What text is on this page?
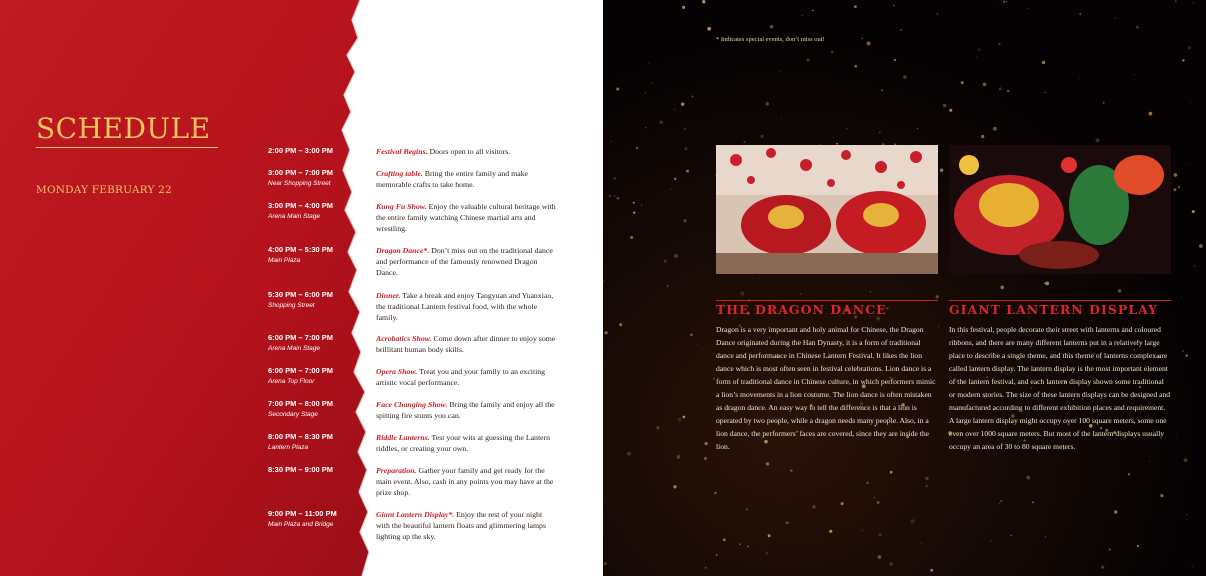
SCHEDULE
MONDAY FEBRUARY 22
2:00 PM – 3:00 PM
3:00 PM – 7:00 PM
Near Shopping Street
3:00 PM – 4:00 PM
Arena Main Stage
4:00 PM – 5:30 PM
Main Plaza
5:30 PM – 6:00 PM
Shopping Street
6:00 PM – 7:00 PM
Arena Main Stage
6:00 PM – 7:00 PM
Arena Top Floor
7:00 PM – 8:00 PM
Secondary Stage
8:00 PM – 8:30 PM
Lantern Plaza
8:30 PM – 9:00 PM
9:00 PM – 11:00 PM
Main Plaza and Bridge
Festival Begins. Doors open to all visitors.
Crafting table. Bring the entire family and make memorable crafts to take home.
Kung Fu Show. Enjoy the valuable cultural heritage with the entire family watching Chinese martial arts and wrestling.
Dragon Dance*. Don’t miss out on the traditional dance and performance of the famously renowned Dragon Dance.
Dinner. Take a break and enjoy Tangyuan and Yuanxiao, the traditional Lantern festival food, with the whole family.
Acrobatics Show. Come down after dinner to enjoy some brillitant human body skills.
Opera Show. Treat you and your family to an exciting artistic vocal performance.
Face Changing Show. Bring the family and enjoy all the spitting fire stunts you can.
Riddle Lanterns. Test your wits at guessing the Lantern riddles, or creating your own.
Preparation. Gather your family and get ready for the main event. Also, cash in any points you may have at the prize shop.
Giant Lantern Display*. Enjoy the rest of your night with the beautiful lantern floats and glimmering lamps lighting up the sky.
* Indicates special events, don’t miss out!
THE DRAGON DANCE	GIANT LANTERN DISPLAY
Dragon is a very important and holy animal for Chinese, the Dragon Dance originated during the Han Dynasty, it is a form of traditional dance and performance in Chinese Lantern Festival. It likes the lion dance which is most often seen in festival celebrations. Lion dance is a form of traditional dance in Chinese culture, in which performers mimic a lion’s movements in a lion costume. The lion dance is often mistaken as dragon dance. An easy way to tell the difference is that a lion is operated by two people, while a dragon needs many people. Also, in a lion dance, the performers’ faces are covered, since they are inside the lion.
In this festival, people decorate their street with lanterns and coloured ribbons, and there are many different lanterns put in a relatively large place to describe a single theme, and this theme of lanterns complex are called lantern display. The lantern display is the most important element of the lantern festival, and each lantern display shown some traditional or modern stories. The size of these lantern displays can be designed and manufactured according to different exhibition places and requirement. A large lantern display might occupy over 100 square meters, some one even over 1000 square meters. But most of the lantern displays usually occupy an area of 30 to 80 square meters.
